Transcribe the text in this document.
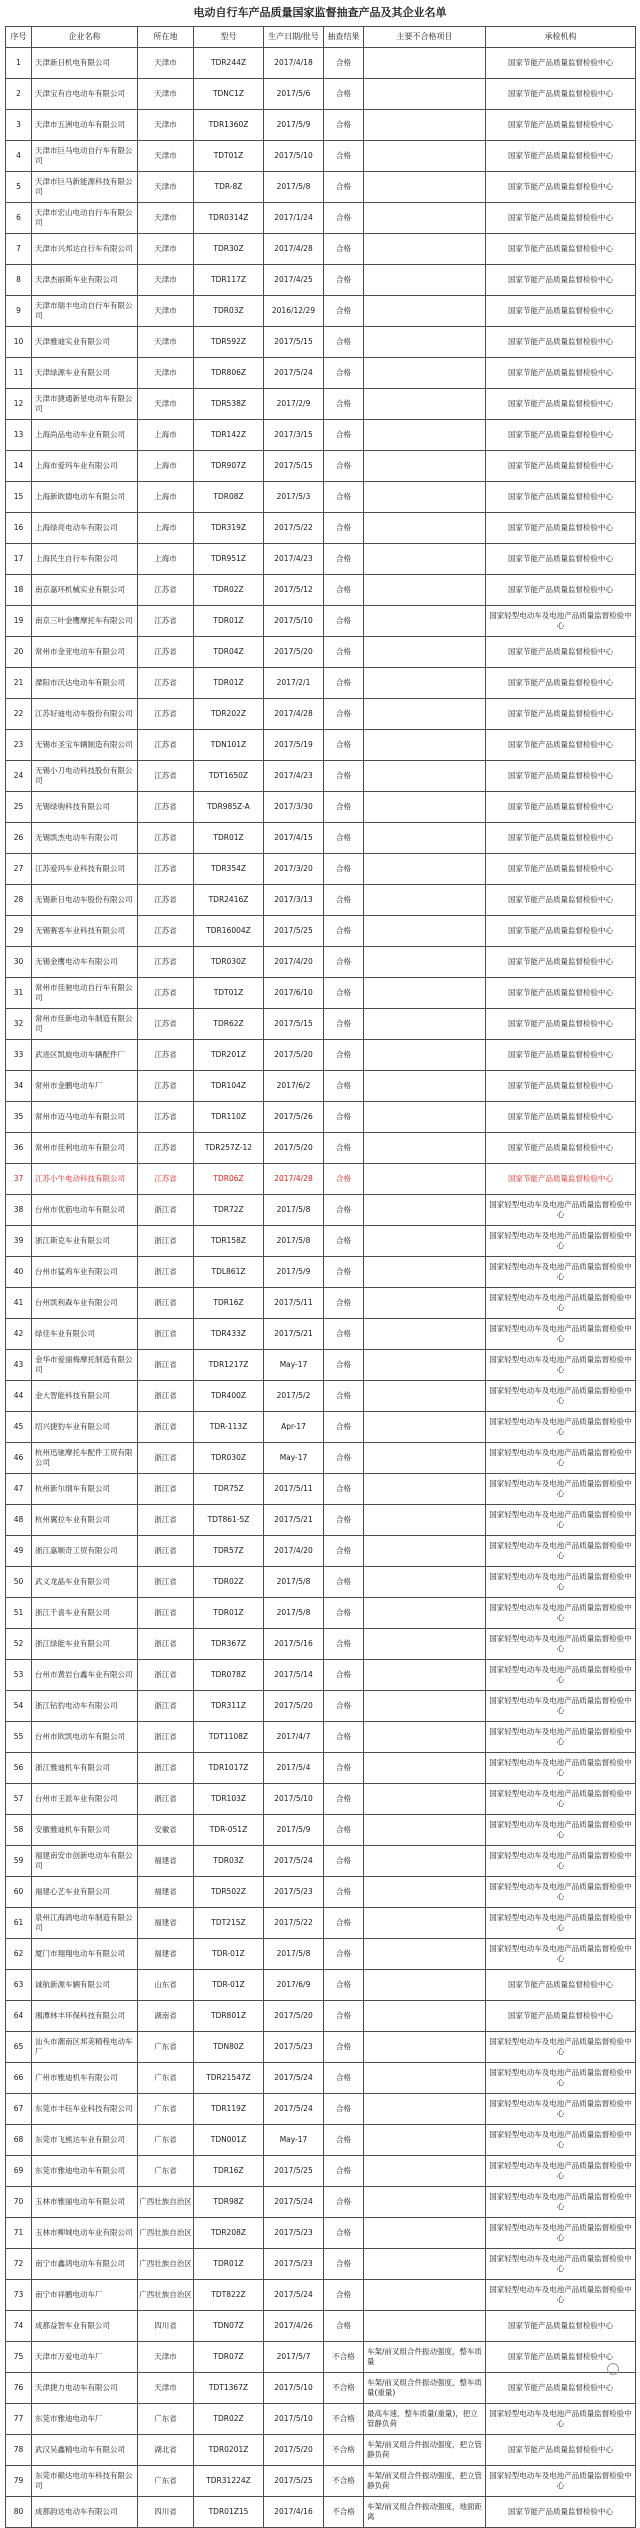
电动自行车产品质量国家监督抽查产品及其企业名单
序号	企业名称	所在地	型号	生产日期/批号	抽查结果	主要不合格项目	承检机构
1	天津新日机电有限公司	天津市	TDR244Z	2017/4/18	合格		国家节能产品质量监督检验中心
2	天津宝有自电动车有限公司	天津市	TDNC1Z	2017/5/6	合格		国家节能产品质量监督检验中心
3	天津市五洲电动车有限公司	天津市	TDR1360Z	2017/5/9	合格		国家节能产品质量监督检验中心
4	天津市巨马电动自行车有限公司	天津市	TDT01Z	2017/5/10	合格		国家节能产品质量监督检验中心
5	天津市巨马新能源科技有限公司	天津市	TDR-8Z	2017/5/8	合格		国家节能产品质量监督检验中心
6	天津市宏山电动自行车有限公司	天津市	TDR0314Z	2017/1/24	合格		国家节能产品质量监督检验中心
7	天津市兴邦达自行车有限公司	天津市	TDR30Z	2017/4/28	合格		国家节能产品质量监督检验中心
8	天津杰丽斯车业有限公司	天津市	TDR117Z	2017/4/25	合格		国家节能产品质量监督检验中心
9	天津市瑞丰电动自行车有限公司	天津市	TDR03Z	2016/12/29	合格		国家节能产品质量监督检验中心
10	天津雅迪实业有限公司	天津市	TDR592Z	2017/5/15	合格		国家节能产品质量监督检验中心
11	天津绿源车业有限公司	天津市	TDR806Z	2017/5/24	合格		国家节能产品质量监督检验中心
12	天津市捷通新星电动车有限公司	天津市	TDR538Z	2017/2/9	合格		国家节能产品质量监督检验中心
13	上海尚品电动车业有限公司	上海市	TDR142Z	2017/3/15	合格		国家节能产品质量监督检验中心
14	上海市爱玛车业有限公司	上海市	TDR907Z	2017/5/15	合格		国家节能产品质量监督检验中心
15	上海新欧德电动车有限公司	上海市	TDR08Z	2017/5/3	合格		国家节能产品质量监督检验中心
16	上海绿亮电动车有限公司	上海市	TDR319Z	2017/5/22	合格		国家节能产品质量监督检验中心
17	上海民生自行车有限公司	上海市	TDR951Z	2017/4/23	合格		国家节能产品质量监督检验中心
18	南京嘉环机械实业有限公司	江苏省	TDR02Z	2017/5/12	合格		国家节能产品质量监督检验中心
19	南京三叶金鹰摩托车有限公司	江苏省	TDR01Z	2017/5/10	合格		国家轻型电动车及电池产品质量监督检验中心
20	常州市金亚电动车有限公司	江苏省	TDR04Z	2017/5/20	合格		国家节能产品质量监督检验中心
21	溧阳市沃达电动车有限公司	江苏省	TDR01Z	2017/2/1	合格		国家节能产品质量监督检验中心
22	江苏好迪电动车股份有限公司	江苏省	TDR202Z	2017/4/28	合格		国家节能产品质量监督检验中心
23	无锡市圣宝车辆制造有限公司	江苏省	TDN101Z	2017/5/19	合格		国家节能产品质量监督检验中心
24	无锡小刀电动科技股份有限公司	江苏省	TDT1650Z	2017/4/23	合格		国家节能产品质量监督检验中心
25	无锡绿驹科技有限公司	江苏省	TDR985Z-A	2017/3/30	合格		国家节能产品质量监督检验中心
26	无锡凯杰电动车有限公司	江苏省	TDR01Z	2017/4/15	合格		国家节能产品质量监督检验中心
27	江苏爱玛车业科技有限公司	江苏省	TDR354Z	2017/3/20	合格		国家节能产品质量监督检验中心
28	无锡新日电动车股份有限公司	江苏省	TDR2416Z	2017/3/13	合格		国家节能产品质量监督检验中心
29	无锡赛客车业科技有限公司	江苏省	TDR16004Z	2017/5/25	合格		国家节能产品质量监督检验中心
30	无锡金鹰电动车有限公司	江苏省	TDR030Z	2017/4/20	合格		国家节能产品质量监督检验中心
31	常州市佳驰电动自行车有限公司	江苏省	TDT01Z	2017/6/10	合格		国家节能产品质量监督检验中心
32	常州市佳新电动车制造有限公司	江苏省	TDR62Z	2017/5/15	合格		国家节能产品质量监督检验中心
33	武进区凯旋电动车辆配件厂	江苏省	TDR201Z	2017/5/20	合格		国家节能产品质量监督检验中心
34	常州市金鹏电动车厂	江苏省	TDR104Z	2017/6/2	合格		国家节能产品质量监督检验中心
35	常州市迈马电动车有限公司	江苏省	TDR110Z	2017/5/26	合格		国家节能产品质量监督检验中心
36	常州市佳利电动车有限公司	江苏省	TDR257Z-12	2017/5/20	合格		国家节能产品质量监督检验中心
37	江苏小牛电动科技有限公司	江苏省	TDR06Z	2017/4/28	合格		国家节能产品质量监督检验中心
38	台州市优筋电动车有限公司	浙江省	TDR72Z	2017/5/8	合格		国家轻型电动车及电池产品质量监督检验中心
39	浙江斯克车业有限公司	浙江省	TDR158Z	2017/5/8	合格		国家轻型电动车及电池产品质量监督检验中心
40	台州市猛鸡车业有限公司	浙江省	TDL861Z	2017/5/9	合格		国家轻型电动车及电池产品质量监督检验中心
41	台州凯利森车业有限公司	浙江省	TDR16Z	2017/5/11	合格		国家轻型电动车及电池产品质量监督检验中心
42	绿佳车业有限公司	浙江省	TDR433Z	2017/5/21	合格		国家轻型电动车及电池产品质量监督检验中心
43	金华市爱丽梅摩托制造有限公司	浙江省	TDR1217Z	May-17	合格		国家轻型电动车及电池产品质量监督检验中心
44	金大智能科技有限公司	浙江省	TDR400Z	2017/5/2	合格		国家轻型电动车及电池产品质量监督检验中心
45	绍兴捷豹车业有限公司	浙江省	TDR-113Z	Apr-17	合格		国家轻型电动车及电池产品质量监督检验中心
46	杭州迅驰摩托车配件工贸有限公司	浙江省	TDR030Z	May-17	合格		国家轻型电动车及电池产品质量监督检验中心
47	杭州新尔纲车有限公司	浙江省	TDR75Z	2017/5/11	合格		国家轻型电动车及电池产品质量监督检验中心
48	杭州翼拉车业有限公司	浙江省	TDT861-5Z	2017/5/21	合格		国家轻型电动车及电池产品质量监督检验中心
49	浙江嘉顺奇工贸有限公司	浙江省	TDR57Z	2017/4/20	合格		国家轻型电动车及电池产品质量监督检验中心
50	武义龙晶车业有限公司	浙江省	TDR02Z	2017/5/8	合格		国家轻型电动车及电池产品质量监督检验中心
51	浙江千喜车业有限公司	浙江省	TDR01Z	2017/5/8	合格		国家轻型电动车及电池产品质量监督检验中心
52	浙江绿能车业有限公司	浙江省	TDR367Z	2017/5/16	合格		国家轻型电动车及电池产品质量监督检验中心
53	台州市黄岩台鑫车业有限公司	浙江省	TDR078Z	2017/5/14	合格		国家轻型电动车及电池产品质量监督检验中心
54	浙江钻豹电动车有限公司	浙江省	TDR311Z	2017/5/20	合格		国家轻型电动车及电池产品质量监督检验中心
55	台州市欧凯电动车有限公司	浙江省	TDT1108Z	2017/4/7	合格		国家轻型电动车及电池产品质量监督检验中心
56	浙江雅迪机车有限公司	浙江省	TDR1017Z	2017/5/4	合格		国家轻型电动车及电池产品质量监督检验中心
57	台州市王派车业有限公司	浙江省	TDR103Z	2017/5/10	合格		国家轻型电动车及电池产品质量监督检验中心
58	安徽雅迪机车有限公司	安徽省	TDR-051Z	2017/5/9	合格		国家轻型电动车及电池产品质量监督检验中心
59	福建南安市创新电动车有限公司	福建省	TDR03Z	2017/5/24	合格		国家轻型电动车及电池产品质量监督检验中心
60	福建心艺车业有限公司	福建省	TDR502Z	2017/5/23	合格		国家轻型电动车及电池产品质量监督检验中心
61	泉州江海鸽电动车制造有限公司	福建省	TDT215Z	2017/5/22	合格		国家轻型电动车及电池产品质量监督检验中心
62	厦门市翔翔电动车有限公司	福建省	TDR-01Z	2017/5/8	合格		国家轻型电动车及电池产品质量监督检验中心
63	诚航新源车辆有限公司	山东省	TDR-01Z	2017/6/9	合格		国家节能产品质量监督检验中心
64	湘潭林丰环保科技有限公司	湖南省	TDR801Z	2017/5/20	合格		国家节能产品质量监督检验中心
65	汕头市潮南区邦美精程电动车厂	广东省	TDN80Z	2017/5/23	合格		国家轻型电动车及电池产品质量监督检验中心
66	广州市雅迪机车有限公司	广东省	TDR21547Z	2017/5/24	合格		国家轻型电动车及电池产品质量监督检验中心
67	东莞市丰钰车业科技有限公司	广东省	TDR119Z	2017/5/24	合格		国家轻型电动车及电池产品质量监督检验中心
68	东莞市飞熊达车业有限公司	广东省	TDN001Z	May-17	合格		国家轻型电动车及电池产品质量监督检验中心
69	东莞市雅迪电动车有限公司	广东省	TDR16Z	2017/5/25	合格		国家轻型电动车及电池产品质量监督检验中心
70	玉林市雅丽电动车有限公司	广西壮族自治区	TDR98Z	2017/5/24	合格		国家轻型电动车及电池产品质量监督检验中心
71	玉林市柳城电动车业有限公司	广西壮族自治区	TDR208Z	2017/5/23	合格		国家轻型电动车及电池产品质量监督检验中心
72	南宁市鑫鸿电动车有限公司	广西壮族自治区	TDR01Z	2017/5/23	合格		国家轻型电动车及电池产品质量监督检验中心
73	南宁市祥鹏电动车厂	广西壮族自治区	TDT822Z	2017/5/24	合格		国家轻型电动车及电池产品质量监督检验中心
74	成都益智车业有限公司	四川省	TDN07Z	2017/4/26	合格		国家节能产品质量监督检验中心
75	天津市万爱电动车厂	天津市	TDR07Z	2017/5/7	不合格	车架/前叉组合件振动强度，整车质量	国家节能产品质量监督检验中心
76	天津捷力电动车有限公司	天津市	TDT1367Z	2017/5/10	不合格	车架/前叉组合件振动强度，整车质量(重量)	国家节能产品质量监督检验中心
77	东莞市雅迪电动车厂	广东省	TDR02Z	2017/5/10	不合格	最高车速，整车质量(重量)，把立管静负荷	国家轻型电动车及电池产品质量监督检验中心
78	武汉吴鑫精电动车有限公司	湖北省	TDR0201Z	2017/5/20	不合格	车架/前叉组合件振动强度，把立管静负荷	国家节能产品质量监督检验中心
79	东莞市巅达电动车科技有限公司	广东省	TDR31224Z	2017/5/25	不合格	车架/前叉组合件振动强度，把立管静负荷	国家轻型电动车及电池产品质量监督检验中心
80	成都韵达电动车有限公司	四川省	TDR01Z15	2017/4/16	不合格	车架/前叉组合件振动强度，地面距离	国家节能产品质量监督检验中心
